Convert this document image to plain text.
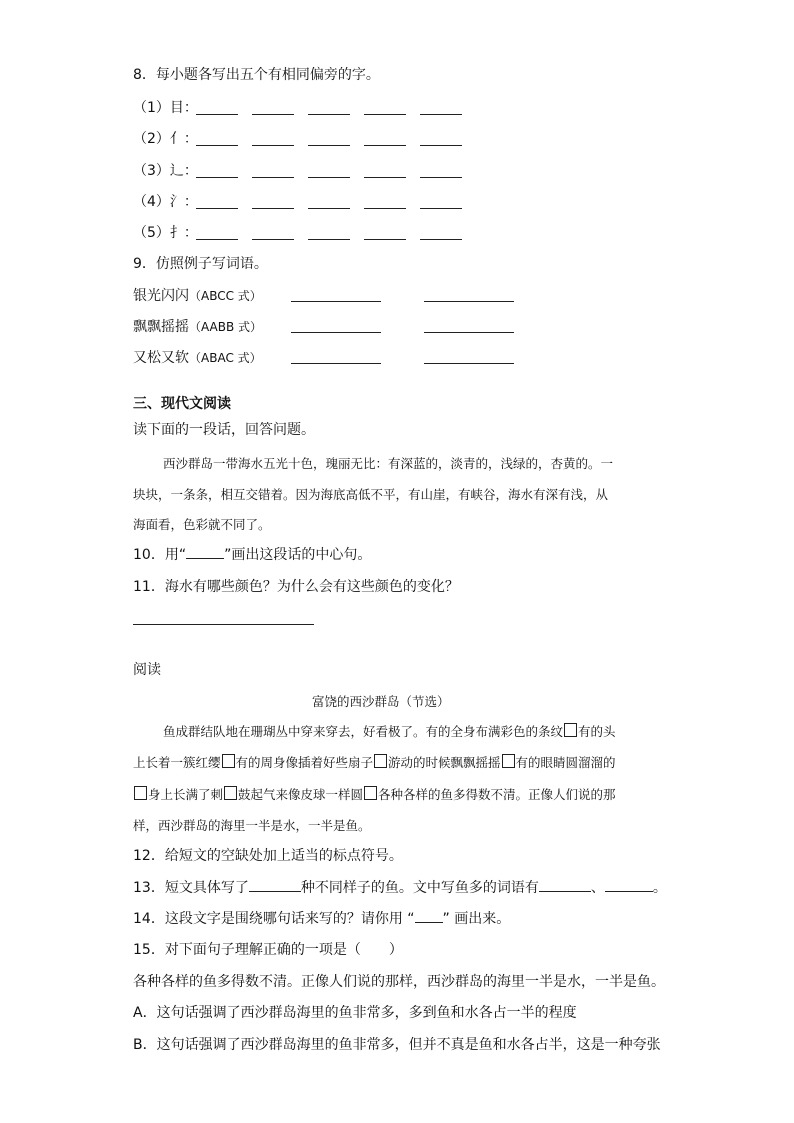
8．每小题各写出五个有相同偏旁的字。
（1）目：
（2）亻：
（3）辶：
（4）氵：
（5）扌：
9．仿照例子写词语。
银光闪闪（ABCC 式）
飘飘摇摇（AABB 式）
又松又软（ABAC 式）
三、现代文阅读
读下面的一段话，回答问题。
西沙群岛一带海水五光十色，瑰丽无比：有深蓝的，淡青的，浅绿的，杏黄的。一
块块，一条条，相互交错着。因为海底高低不平，有山崖，有峡谷，海水有深有浅，从
海面看，色彩就不同了。
10．用“	”画出这段话的中心句。
11．海水有哪些颜色？为什么会有这些颜色的变化？
阅读
富饶的西沙群岛（节选）
鱼成群结队地在珊瑚丛中穿来穿去，好看极了。有的全身布满彩色的条纹 有的头
上长着一簇红缨 有的周身像插着好些扇子 游动的时候飘飘摇摇 有的眼睛圆溜溜的
身上长满了刺 鼓起气来像皮球一样圆 各种各样的鱼多得数不清。正像人们说的那
样，西沙群岛的海里一半是水，一半是鱼。
12．给短文的空缺处加上适当的标点符号。
13．短文具体写了	种不同样子的鱼。文中写鱼多的词语有	、	。
14．这段文字是围绕哪句话来写的？请你用 “ ” 画出来。
15．对下面句子理解正确的一项是（　　）
各种各样的鱼多得数不清。正像人们说的那样，西沙群岛的海里一半是水，一半是鱼。
A．这句话强调了西沙群岛海里的鱼非常多，多到鱼和水各占一半的程度
B．这句话强调了西沙群岛海里的鱼非常多，但并不真是鱼和水各占半，这是一种夸张
